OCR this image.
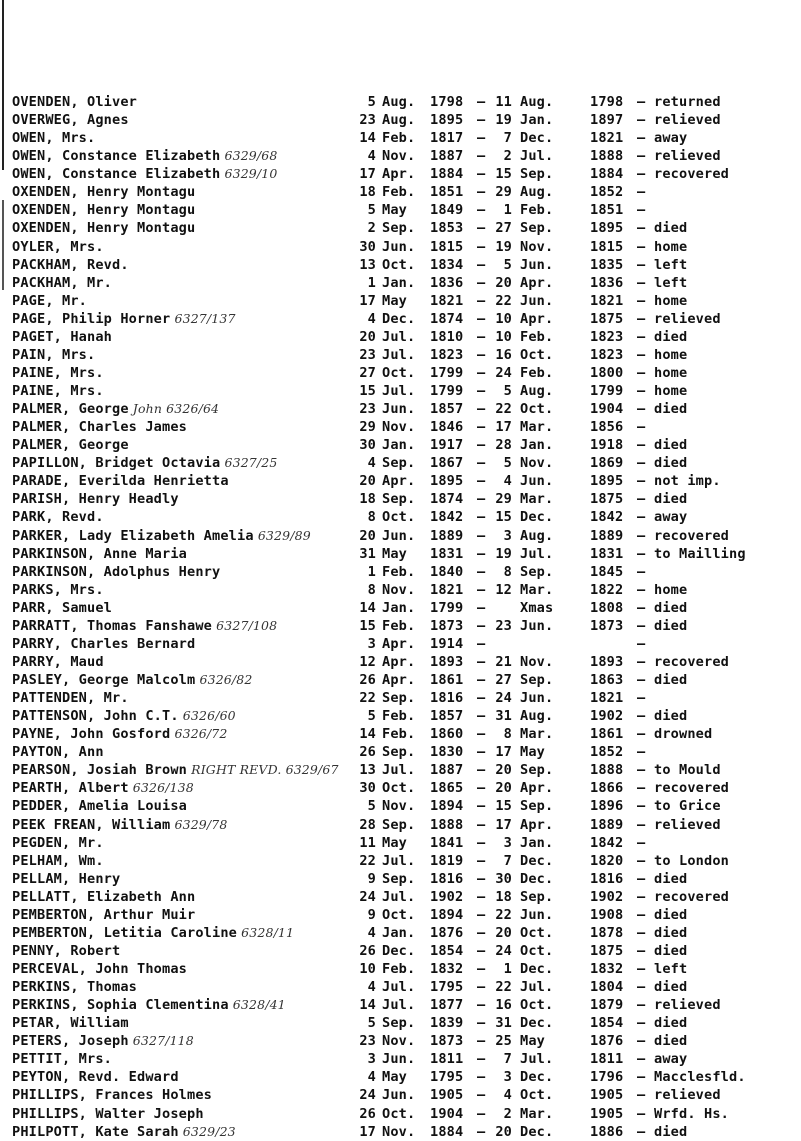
OVENDEN, Oliver	5 Aug. 1798 – 11 Aug.	1798 – returned
OVERWEG, Agnes	23 Aug. 1895 – 19 Jan.	1897 – relieved
OWEN, Mrs.	14 Feb. 1817 –	7 Dec.	1821 – away
OWEN, Constance Elizabeth 6329/68	4 Nov. 1887 –	2 Jul.	1888 – relieved
OWEN, Constance Elizabeth 6329/10	17 Apr. 1884 – 15 Sep.	1884 – recovered
OXENDEN, Henry Montagu	18 Feb. 1851 – 29 Aug.	1852 –
OXENDEN, Henry Montagu	5 May 1849 –	1 Feb.	1851 –
OXENDEN, Henry Montagu	2 Sep. 1853 – 27 Sep.	1895 – died
OYLER, Mrs.	30 Jun. 1815 – 19 Nov.	1815 – home
PACKHAM, Revd.	13 Oct. 1834 –	5 Jun.	1835 – left
PACKHAM, Mr.	1 Jan. 1836 – 20 Apr.	1836 – left
PAGE, Mr.	17 May 1821 – 22 Jun.	1821 – home
PAGE, Philip Horner 6327/137	4 Dec. 1874 – 10 Apr.	1875 – relieved
PAGET, Hanah	20 Jul. 1810 – 10 Feb.	1823 – died
PAIN, Mrs.	23 Jul. 1823 – 16 Oct.	1823 – home
PAINE, Mrs.	27 Oct. 1799 – 24 Feb.	1800 – home
PAINE, Mrs.	15 Jul. 1799 –	5 Aug.	1799 – home
PALMER, George John 6326/64	23 Jun. 1857 – 22 Oct.	1904 – died
PALMER, Charles James	29 Nov. 1846 – 17 Mar.	1856 –
PALMER, George	30 Jan. 1917 – 28 Jan.	1918 – died
PAPILLON, Bridget Octavia 6327/25	4 Sep. 1867 –	5 Nov.	1869 – died
PARADE, Everilda Henrietta	20 Apr. 1895 –	4 Jun.	1895 – not imp.
PARISH, Henry Headly	18 Sep. 1874 – 29 Mar.	1875 – died
PARK, Revd.	8 Oct. 1842 – 15 Dec.	1842 – away
PARKER, Lady Elizabeth Amelia 6329/89	20 Jun. 1889 –	3 Aug.	1889 – recovered
PARKINSON, Anne Maria	31 May 1831 – 19 Jul.	1831 – to Mailling
PARKINSON, Adolphus Henry	1 Feb. 1840 –	8 Sep.	1845 –
PARKS, Mrs.	8 Nov. 1821 – 12 Mar.	1822 – home
PARR, Samuel	14 Jan. 1799 –	Xmas	1808 – died
PARRATT, Thomas Fanshawe 6327/108	15 Feb. 1873 – 23 Jun.	1873 – died
PARRY, Charles Bernard	3 Apr. 1914 –	–
PARRY, Maud	12 Apr. 1893 – 21 Nov.	1893 – recovered
PASLEY, George Malcolm 6326/82	26 Apr. 1861 – 27 Sep.	1863 – died
PATTENDEN, Mr.	22 Sep. 1816 – 24 Jun.	1821 –
PATTENSON, John C.T. 6326/60	5 Feb. 1857 – 31 Aug.	1902 – died
PAYNE, John Gosford 6326/72	14 Feb. 1860 –	8 Mar.	1861 – drowned
PAYTON, Ann	26 Sep. 1830 – 17 May	1852 –
PEARSON, Josiah Brown RIGHT REVD. 6329/67	13 Jul. 1887 – 20 Sep.	1888 – to Mould
PEARTH, Albert 6326/138	30 Oct. 1865 – 20 Apr.	1866 – recovered
PEDDER, Amelia Louisa	5 Nov. 1894 – 15 Sep.	1896 – to Grice
PEEK FREAN, William 6329/78	28 Sep. 1888 – 17 Apr.	1889 – relieved
PEGDEN, Mr.	11 May 1841 –	3 Jan.	1842 –
PELHAM, Wm.	22 Jul. 1819 –	7 Dec.	1820 – to London
PELLAM, Henry	9 Sep. 1816 – 30 Dec.	1816 – died
PELLATT, Elizabeth Ann	24 Jul. 1902 – 18 Sep.	1902 – recovered
PEMBERTON, Arthur Muir	9 Oct. 1894 – 22 Jun.	1908 – died
PEMBERTON, Letitia Caroline 6328/11	4 Jan. 1876 – 20 Oct.	1878 – died
PENNY, Robert	26 Dec. 1854 – 24 Oct.	1875 – died
PERCEVAL, John Thomas	10 Feb. 1832 –	1 Dec.	1832 – left
PERKINS, Thomas	4 Jul. 1795 – 22 Jul.	1804 – died
PERKINS, Sophia Clementina 6328/41	14 Jul. 1877 – 16 Oct.	1879 – relieved
PETAR, William	5 Sep. 1839 – 31 Dec.	1854 – died
PETERS, Joseph 6327/118	23 Nov. 1873 – 25 May	1876 – died
PETTIT, Mrs.	3 Jun. 1811 –	7 Jul.	1811 – away
PEYTON, Revd. Edward	4 May 1795 –	3 Dec.	1796 – Macclesfld.
PHILLIPS, Frances Holmes	24 Jun. 1905 –	4 Oct.	1905 – relieved
PHILLIPS, Walter Joseph	26 Oct. 1904 –	2 Mar.	1905 – Wrfd. Hs.
PHILPOTT, Kate Sarah 6329/23	17 Nov. 1884 – 20 Dec.	1886 – died
